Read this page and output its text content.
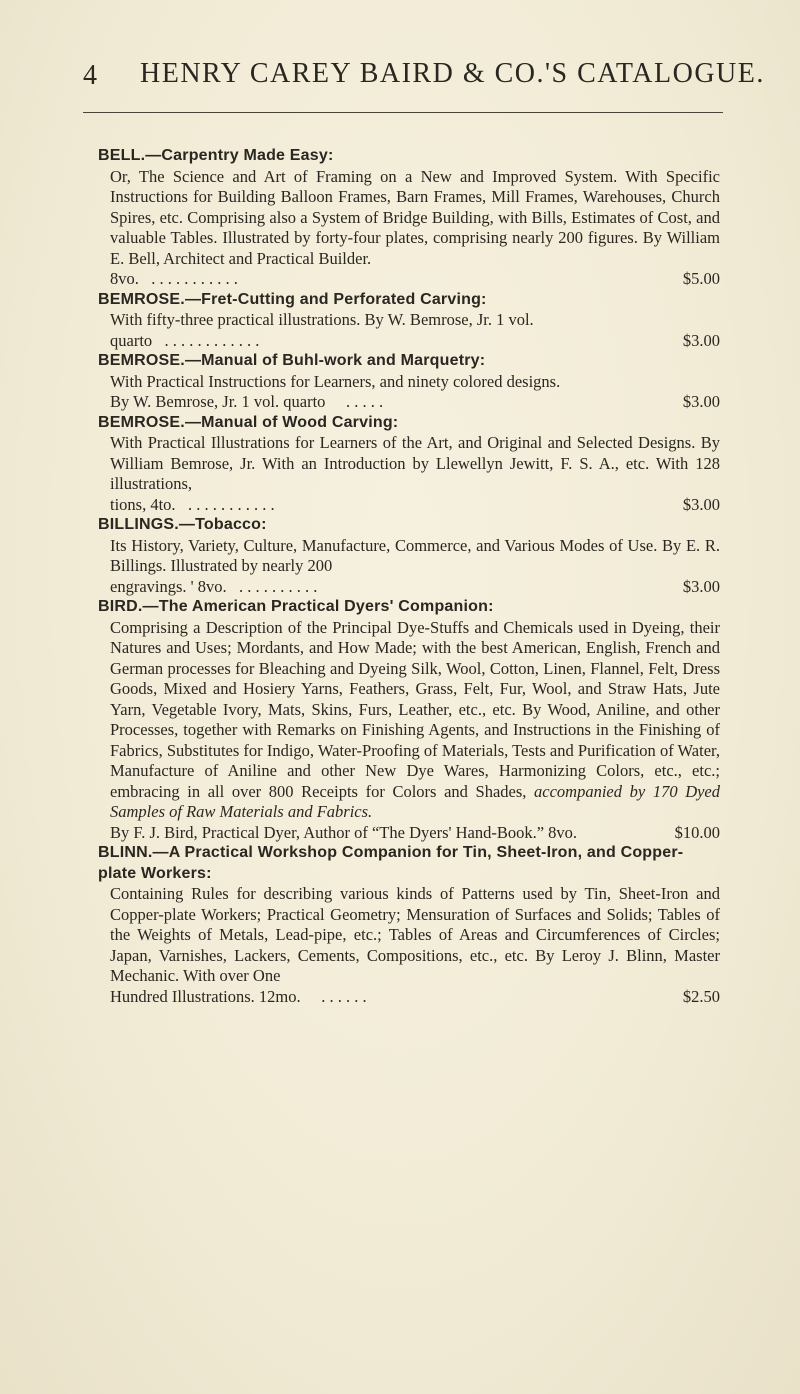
4 HENRY CAREY BAIRD & CO.'S CATALOGUE.
BELL.—Carpentry Made Easy:
Or, The Science and Art of Framing on a New and Improved System. With Specific Instructions for Building Balloon Frames, Barn Frames, Mill Frames, Warehouses, Church Spires, etc. Comprising also a System of Bridge Building, with Bills, Estimates of Cost, and valuable Tables. Illustrated by forty-four plates, comprising nearly 200 figures. By William E. Bell, Architect and Practical Builder.
8vo. . . . . . . . . . . .	$5.00
BEMROSE.—Fret-Cutting and Perforated Carving:
With fifty-three practical illustrations. By W. Bemrose, Jr. 1 vol.
quarto . . . . . . . . . . . .	$3.00
BEMROSE.—Manual of Buhl-work and Marquetry:
With Practical Instructions for Learners, and ninety colored designs.
By W. Bemrose, Jr. 1 vol. quarto . . . . .	$3.00
BEMROSE.—Manual of Wood Carving:
With Practical Illustrations for Learners of the Art, and Original and Selected Designs. By William Bemrose, Jr. With an Introduction by Llewellyn Jewitt, F. S. A., etc. With 128 illustrations,
tions, 4to. . . . . . . . . . . .	$3.00
BILLINGS.—Tobacco:
Its History, Variety, Culture, Manufacture, Commerce, and Various Modes of Use. By E. R. Billings. Illustrated by nearly 200
engravings. ' 8vo. . . . . . . . . . .	$3.00
BIRD.—The American Practical Dyers' Companion:
Comprising a Description of the Principal Dye-Stuffs and Chemicals used in Dyeing, their Natures and Uses; Mordants, and How Made; with the best American, English, French and German processes for Bleaching and Dyeing Silk, Wool, Cotton, Linen, Flannel, Felt, Dress Goods, Mixed and Hosiery Yarns, Feathers, Grass, Felt, Fur, Wool, and Straw Hats, Jute Yarn, Vegetable Ivory, Mats, Skins, Furs, Leather, etc., etc. By Wood, Aniline, and other Processes, together with Remarks on Finishing Agents, and Instructions in the Finishing of Fabrics, Substitutes for Indigo, Water-Proofing of Materials, Tests and Purification of Water, Manufacture of Aniline and other New Dye Wares, Harmonizing Colors, etc., etc.; embracing in all over 800 Receipts for Colors and Shades, accompanied by 170 Dyed Samples of Raw Materials and Fabrics.
By F. J. Bird, Practical Dyer, Author of “The Dyers' Hand-Book.” 8vo.	$10.00
BLINN.—A Practical Workshop Companion for Tin, Sheet-Iron, and Copper-plate Workers:
Containing Rules for describing various kinds of Patterns used by Tin, Sheet-Iron and Copper-plate Workers; Practical Geometry; Mensuration of Surfaces and Solids; Tables of the Weights of Metals, Lead-pipe, etc.; Tables of Areas and Circumferences of Circles; Japan, Varnishes, Lackers, Cements, Compositions, etc., etc. By Leroy J. Blinn, Master Mechanic. With over One
Hundred Illustrations. 12mo. . . . . . .	$2.50
